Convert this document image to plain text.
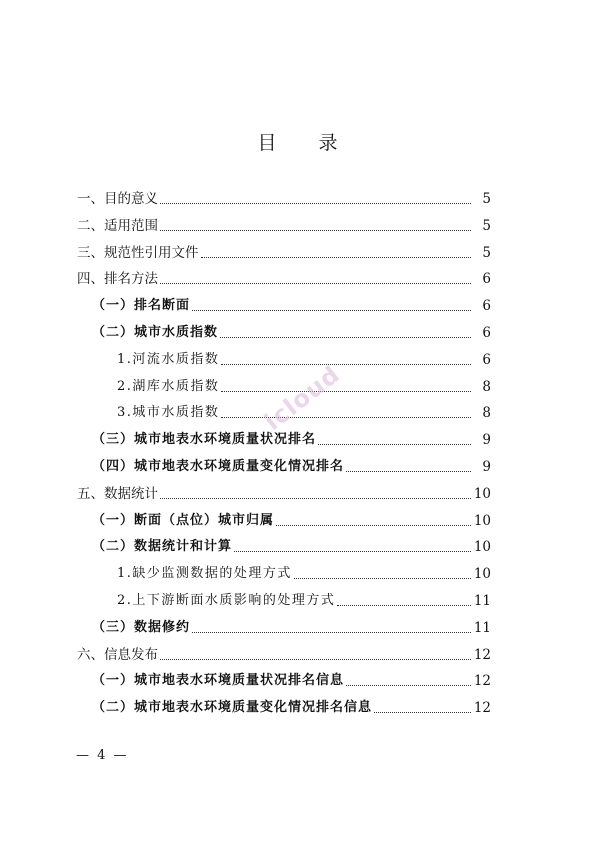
目 录
一、目的意义	5
二、适用范围	5
三、规范性引用文件	5
四、排名方法	6
（一）排名断面	6
（二）城市水质指数	6
1.河流水质指数	6
2.湖库水质指数	8
3.城市水质指数	8
（三）城市地表水环境质量状况排名	9
（四）城市地表水环境质量变化情况排名	9
五、数据统计	10
（一）断面（点位）城市归属	10
（二）数据统计和计算	10
1.缺少监测数据的处理方式	10
2.上下游断面水质影响的处理方式	11
（三）数据修约	11
六、信息发布	12
（一）城市地表水环境质量状况排名信息	12
（二）城市地表水环境质量变化情况排名信息	12
icloud
— 4 —
